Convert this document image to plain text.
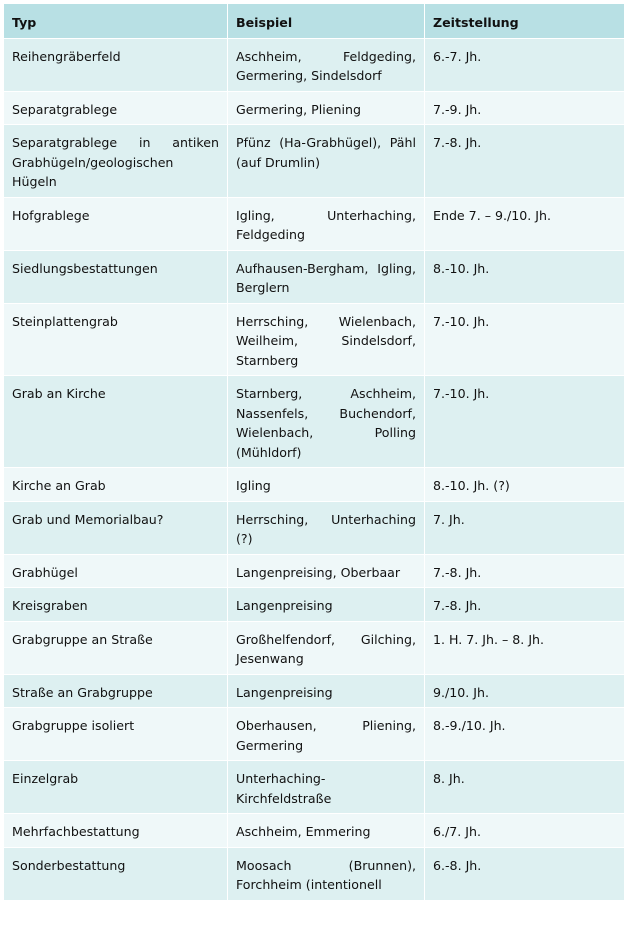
Typ	Beispiel	Zeitstellung
Reihengräberfeld	Aschheim, Feldgeding, Germering, Sindelsdorf	6.-7. Jh.
Separatgrablege	Germering, Pliening	7.-9. Jh.
Separatgrablege in antiken Grabhügeln/geologischen Hügeln	Pfünz (Ha-Grabhügel), Pähl (auf Drumlin)	7.-8. Jh.
Hofgrablege	Igling, Unterhaching, Feldgeding	Ende 7. – 9./10. Jh.
Siedlungsbestattungen	Aufhausen-Bergham, Igling, Berglern	8.-10. Jh.
Steinplattengrab	Herrsching, Wielenbach, Weilheim, Sindelsdorf, Starnberg	7.-10. Jh.
Grab an Kirche	Starnberg, Aschheim, Nassenfels, Buchendorf, Wielenbach, Polling (Mühldorf)	7.-10. Jh.
Kirche an Grab	Igling	8.-10. Jh. (?)
Grab und Memorialbau?	Herrsching, Unterhaching (?)	7. Jh.
Grabhügel	Langenpreising, Oberbaar	7.-8. Jh.
Kreisgraben	Langenpreising	7.-8. Jh.
Grabgruppe an Straße	Großhelfendorf, Gilching, Jesenwang	1. H. 7. Jh. – 8. Jh.
Straße an Grabgruppe	Langenpreising	9./10. Jh.
Grabgruppe isoliert	Oberhausen, Pliening, Germering	8.-9./10. Jh.
Einzelgrab	Unterhaching-Kirchfeldstraße	8. Jh.
Mehrfachbestattung	Aschheim, Emmering	6./7. Jh.
Sonderbestattung	Moosach (Brunnen), Forchheim (intentionell	6.-8. Jh.
